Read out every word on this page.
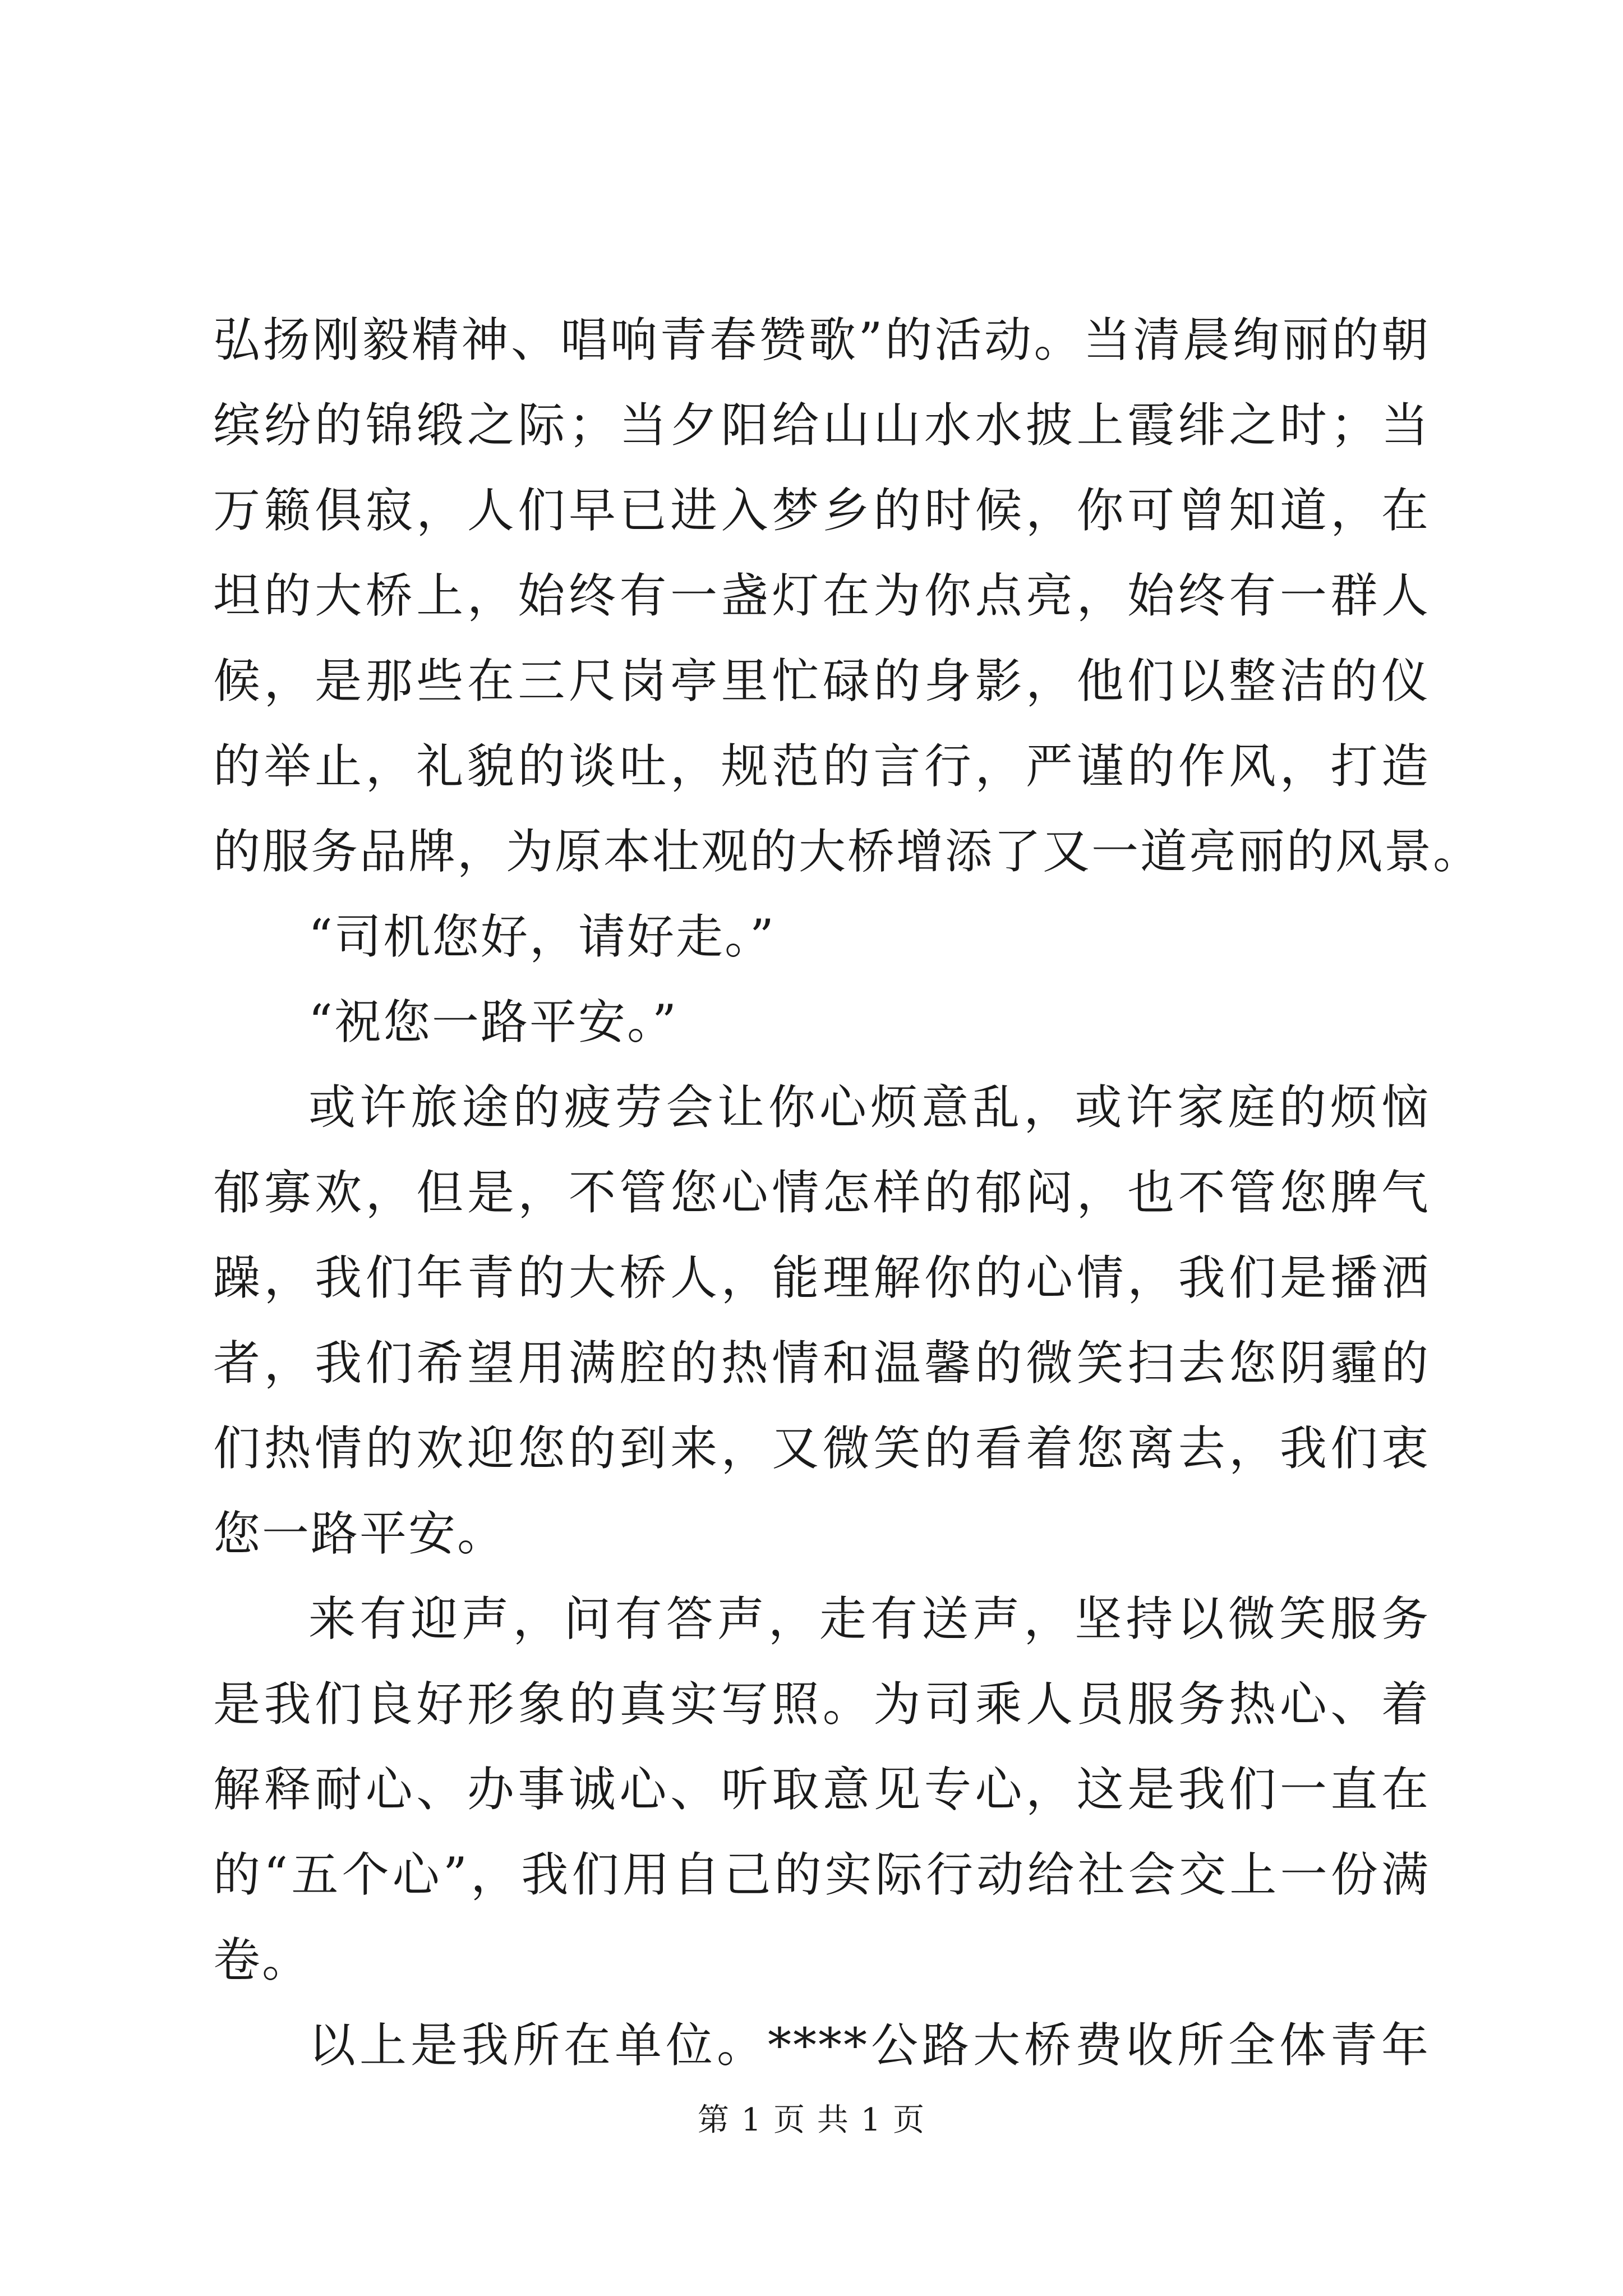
弘扬刚毅精神、唱响青春赞歌”的活动。当清晨绚丽的朝
缤纷的锦缎之际；当夕阳给山山水水披上霞绯之时；当
万籁俱寂，人们早已进入梦乡的时候，你可曾知道，在
坦的大桥上，始终有一盏灯在为你点亮，始终有一群人
候，是那些在三尺岗亭里忙碌的身影，他们以整洁的仪
的举止，礼貌的谈吐，规范的言行，严谨的作风，打造
的服务品牌，为原本壮观的大桥增添了又一道亮丽的风景。
“司机您好，请好走。”
“祝您一路平安。”
或许旅途的疲劳会让你心烦意乱，或许家庭的烦恼
郁寡欢，但是，不管您心情怎样的郁闷，也不管您脾气
躁，我们年青的大桥人，能理解你的心情，我们是播洒
者，我们希望用满腔的热情和温馨的微笑扫去您阴霾的
们热情的欢迎您的到来，又微笑的看着您离去，我们衷
您一路平安。
来有迎声，问有答声，走有送声，坚持以微笑服务
是我们良好形象的真实写照。为司乘人员服务热心、着
解释耐心、办事诚心、听取意见专心，这是我们一直在
的“五个心”，我们用自己的实际行动给社会交上一份满
卷。
以上是我所在单位。****公路大桥费收所全体青年
第 1 页 共 1 页
